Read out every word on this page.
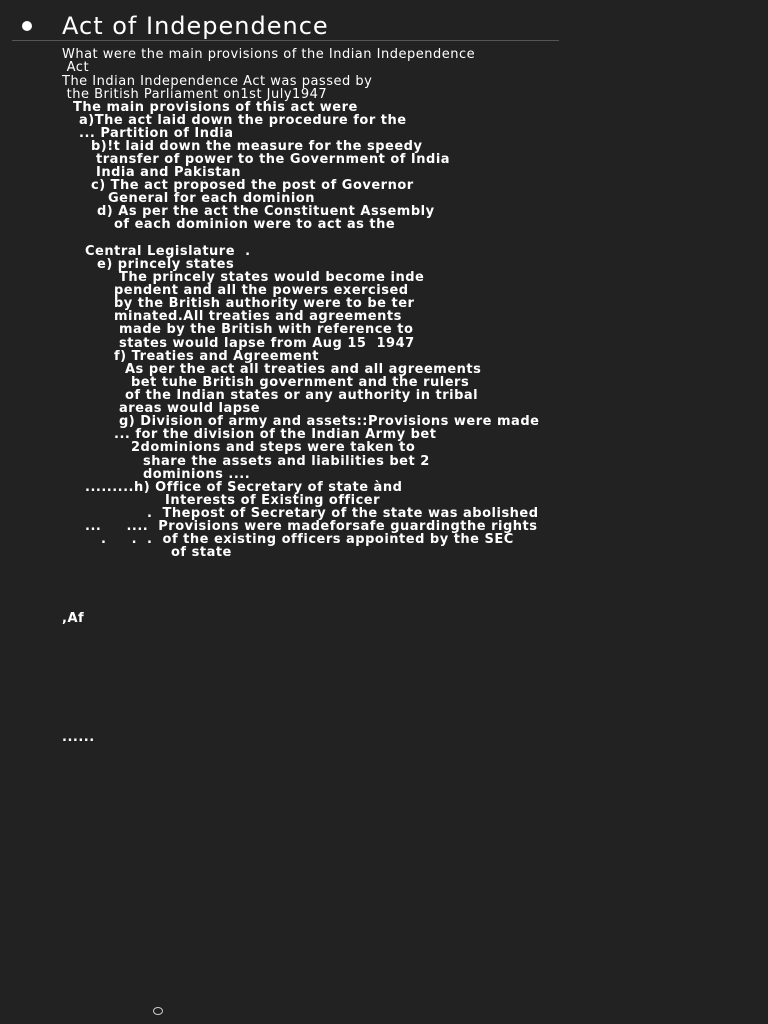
Act of Independence
What were the main provisions of the Indian Independence
Act
The Indian Independence Act was passed by
the British Parliament on1st July1947
The main provisions of this act were
a)The act laid down the procedure for the
... Partition of India
b)!t laid down the measure for the speedy
transfer of power to the Government of India
India and Pakistan
c) The act proposed the post of Governor
General for each dominion
d) As per the act the Constituent Assembly
of each dominion were to act as the
Central Legislature  .
e) princely states
The princely states would become inde
pendent and all the powers exercised
by the British authority were to be ter
minated.All treaties and agreements
made by the British with reference to
states would lapse from Aug 15  1947
f) Treaties and Agreement
As per the act all treaties and all agreements
bet tuhe British government and the rulers
of the Indian states or any authority in tribal
areas would lapse
g) Division of army and assets::Provisions were made
... for the division of the Indian Army bet
2dominions and steps were taken to
share the assets and liabilities bet 2
dominions ....
.........h) Office of Secretary of state ànd
Interests of Existing officer
.  Thepost of Secretary of the state was abolished
...     ....  Provisions were madeforsafe guardingthe rights
.     .  .  of the existing officers appointed by the SEC
of state
,Af
......
